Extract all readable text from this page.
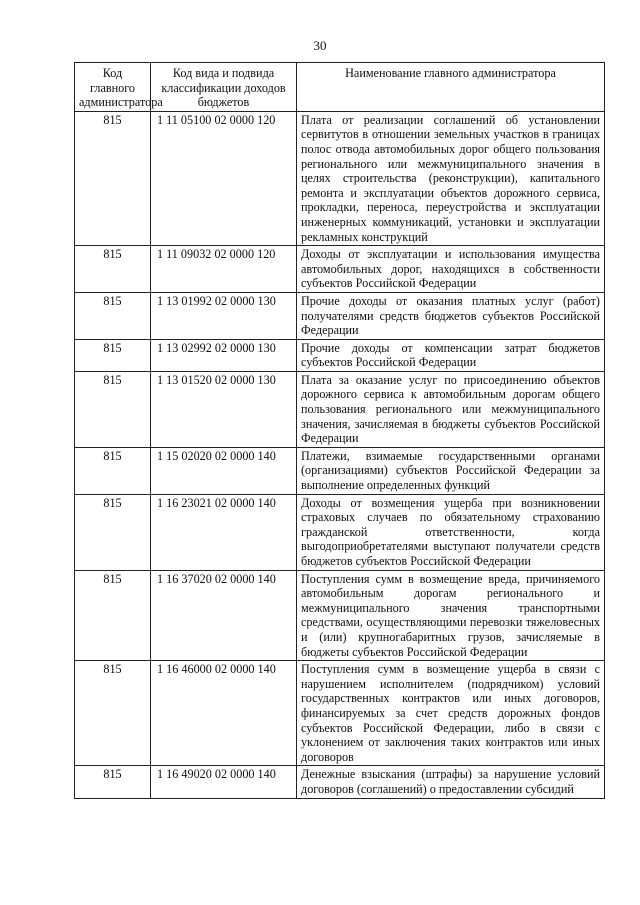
30
Код главного администратора	Код вида и подвида классификации доходов бюджетов	Наименование главного администратора
815	1 11 05100 02 0000 120	Плата от реализации соглашений об установлении сервитутов в отношении земельных участков в границах полос отвода автомобильных дорог общего пользования регионального или межмуниципального значения в целях строительства (реконструкции), капитального ремонта и эксплуатации объектов дорожного сервиса, прокладки, переноса, переустройства и эксплуатации инженерных коммуникаций, установки и эксплуатации рекламных конструкций
815	1 11 09032 02 0000 120	Доходы от эксплуатации и использования имущества автомобильных дорог, находящихся в собственности субъектов Российской Федерации
815	1 13 01992 02 0000 130	Прочие доходы от оказания платных услуг (работ) получателями средств бюджетов субъектов Российской Федерации
815	1 13 02992 02 0000 130	Прочие доходы от компенсации затрат бюджетов субъектов Российской Федерации
815	1 13 01520 02 0000 130	Плата за оказание услуг по присоединению объектов дорожного сервиса к автомобильным дорогам общего пользования регионального или межмуниципального значения, зачисляемая в бюджеты субъектов Российской Федерации
815	1 15 02020 02 0000 140	Платежи, взимаемые государственными органами (организациями) субъектов Российской Федерации за выполнение определенных функций
815	1 16 23021 02 0000 140	Доходы от возмещения ущерба при возникновении страховых случаев по обязательному страхованию гражданской ответственности, когда выгодоприобретателями выступают получатели средств бюджетов субъектов Российской Федерации
815	1 16 37020 02 0000 140	Поступления сумм в возмещение вреда, причиняемого автомобильным дорогам регионального и межмуниципального значения транспортными средствами, осуществляющими перевозки тяжеловесных и (или) крупногабаритных грузов, зачисляемые в бюджеты субъектов Российской Федерации
815	1 16 46000 02 0000 140	Поступления сумм в возмещение ущерба в связи с нарушением исполнителем (подрядчиком) условий государственных контрактов или иных договоров, финансируемых за счет средств дорожных фондов субъектов Российской Федерации, либо в связи с уклонением от заключения таких контрактов или иных договоров
815	1 16 49020 02 0000 140	Денежные взыскания (штрафы) за нарушение условий договоров (соглашений) о предоставлении субсидий
